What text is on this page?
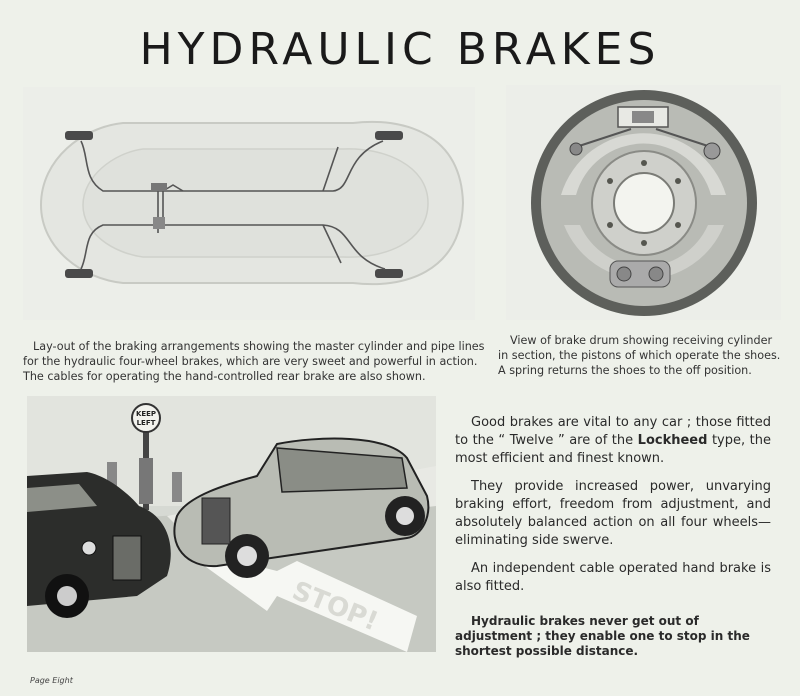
HYDRAULIC BRAKES

Lay-out of the braking arrangements showing the master cylinder and pipe lines

for the hydraulic four-wheel brakes, which are very sweet and powerful in action.

The cables for operating the hand-controlled rear brake are also shown.

View of brake drum showing receiving cylinder

in section, the pistons of which operate the shoes.

A spring returns the shoes to the off position.

KEEP
LEFT
STOP!

Good brakes are vital to any car ; those fitted to the “ Twelve ” are of the Lockheed type, the most efficient and finest known.

They provide increased power, unvarying braking effort, freedom from adjustment, and absolutely balanced action on all four wheels—eliminating side swerve.

An independent cable operated hand brake is also fitted.

Hydraulic brakes never get out of adjustment ; they enable one to stop in the shortest possible distance.

Page Eight
